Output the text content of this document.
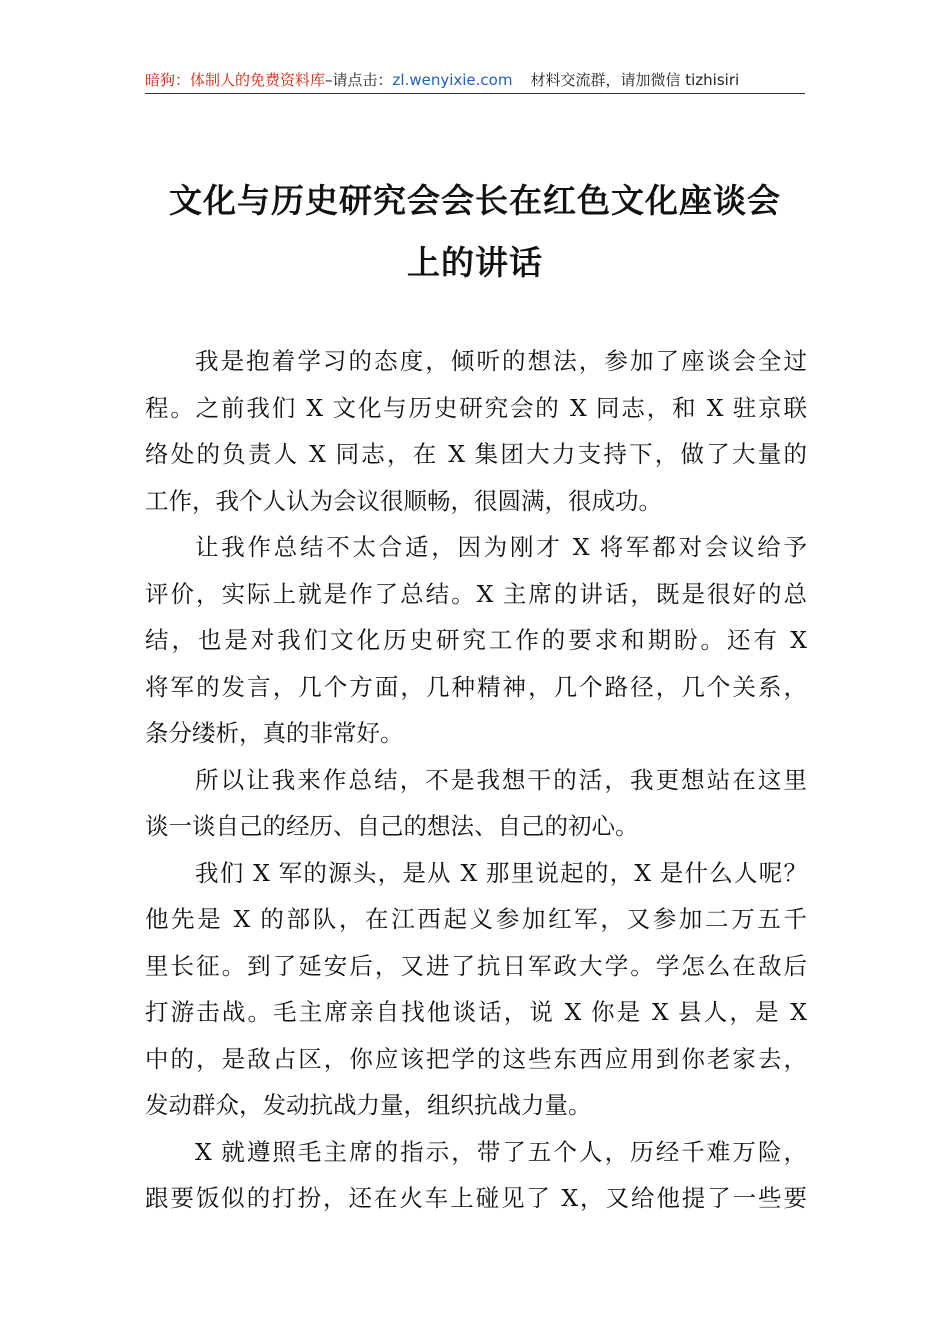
暗狗：体制人的免费资料库–请点击：zl.wenyixie.com 材料交流群，请加微信 tizhisiri
文化与历史研究会会长在红色文化座谈会
上的讲话
我是抱着学习的态度，倾听的想法，参加了座谈会全过
程。之前我们 X 文化与历史研究会的 X 同志，和 X 驻京联
络处的负责人 X 同志，在 X 集团大力支持下，做了大量的
工作，我个人认为会议很顺畅，很圆满，很成功。
让我作总结不太合适，因为刚才 X 将军都对会议给予
评价，实际上就是作了总结。X 主席的讲话，既是很好的总
结，也是对我们文化历史研究工作的要求和期盼。还有 X
将军的发言，几个方面，几种精神，几个路径，几个关系，
条分缕析，真的非常好。
所以让我来作总结，不是我想干的活，我更想站在这里
谈一谈自己的经历、自己的想法、自己的初心。
我们 X 军的源头，是从 X 那里说起的，X 是什么人呢？
他先是 X 的部队，在江西起义参加红军，又参加二万五千
里长征。到了延安后，又进了抗日军政大学。学怎么在敌后
打游击战。毛主席亲自找他谈话，说 X 你是 X 县人，是 X
中的，是敌占区，你应该把学的这些东西应用到你老家去，
发动群众，发动抗战力量，组织抗战力量。
X 就遵照毛主席的指示，带了五个人，历经千难万险，
跟要饭似的打扮，还在火车上碰见了 X，又给他提了一些要
